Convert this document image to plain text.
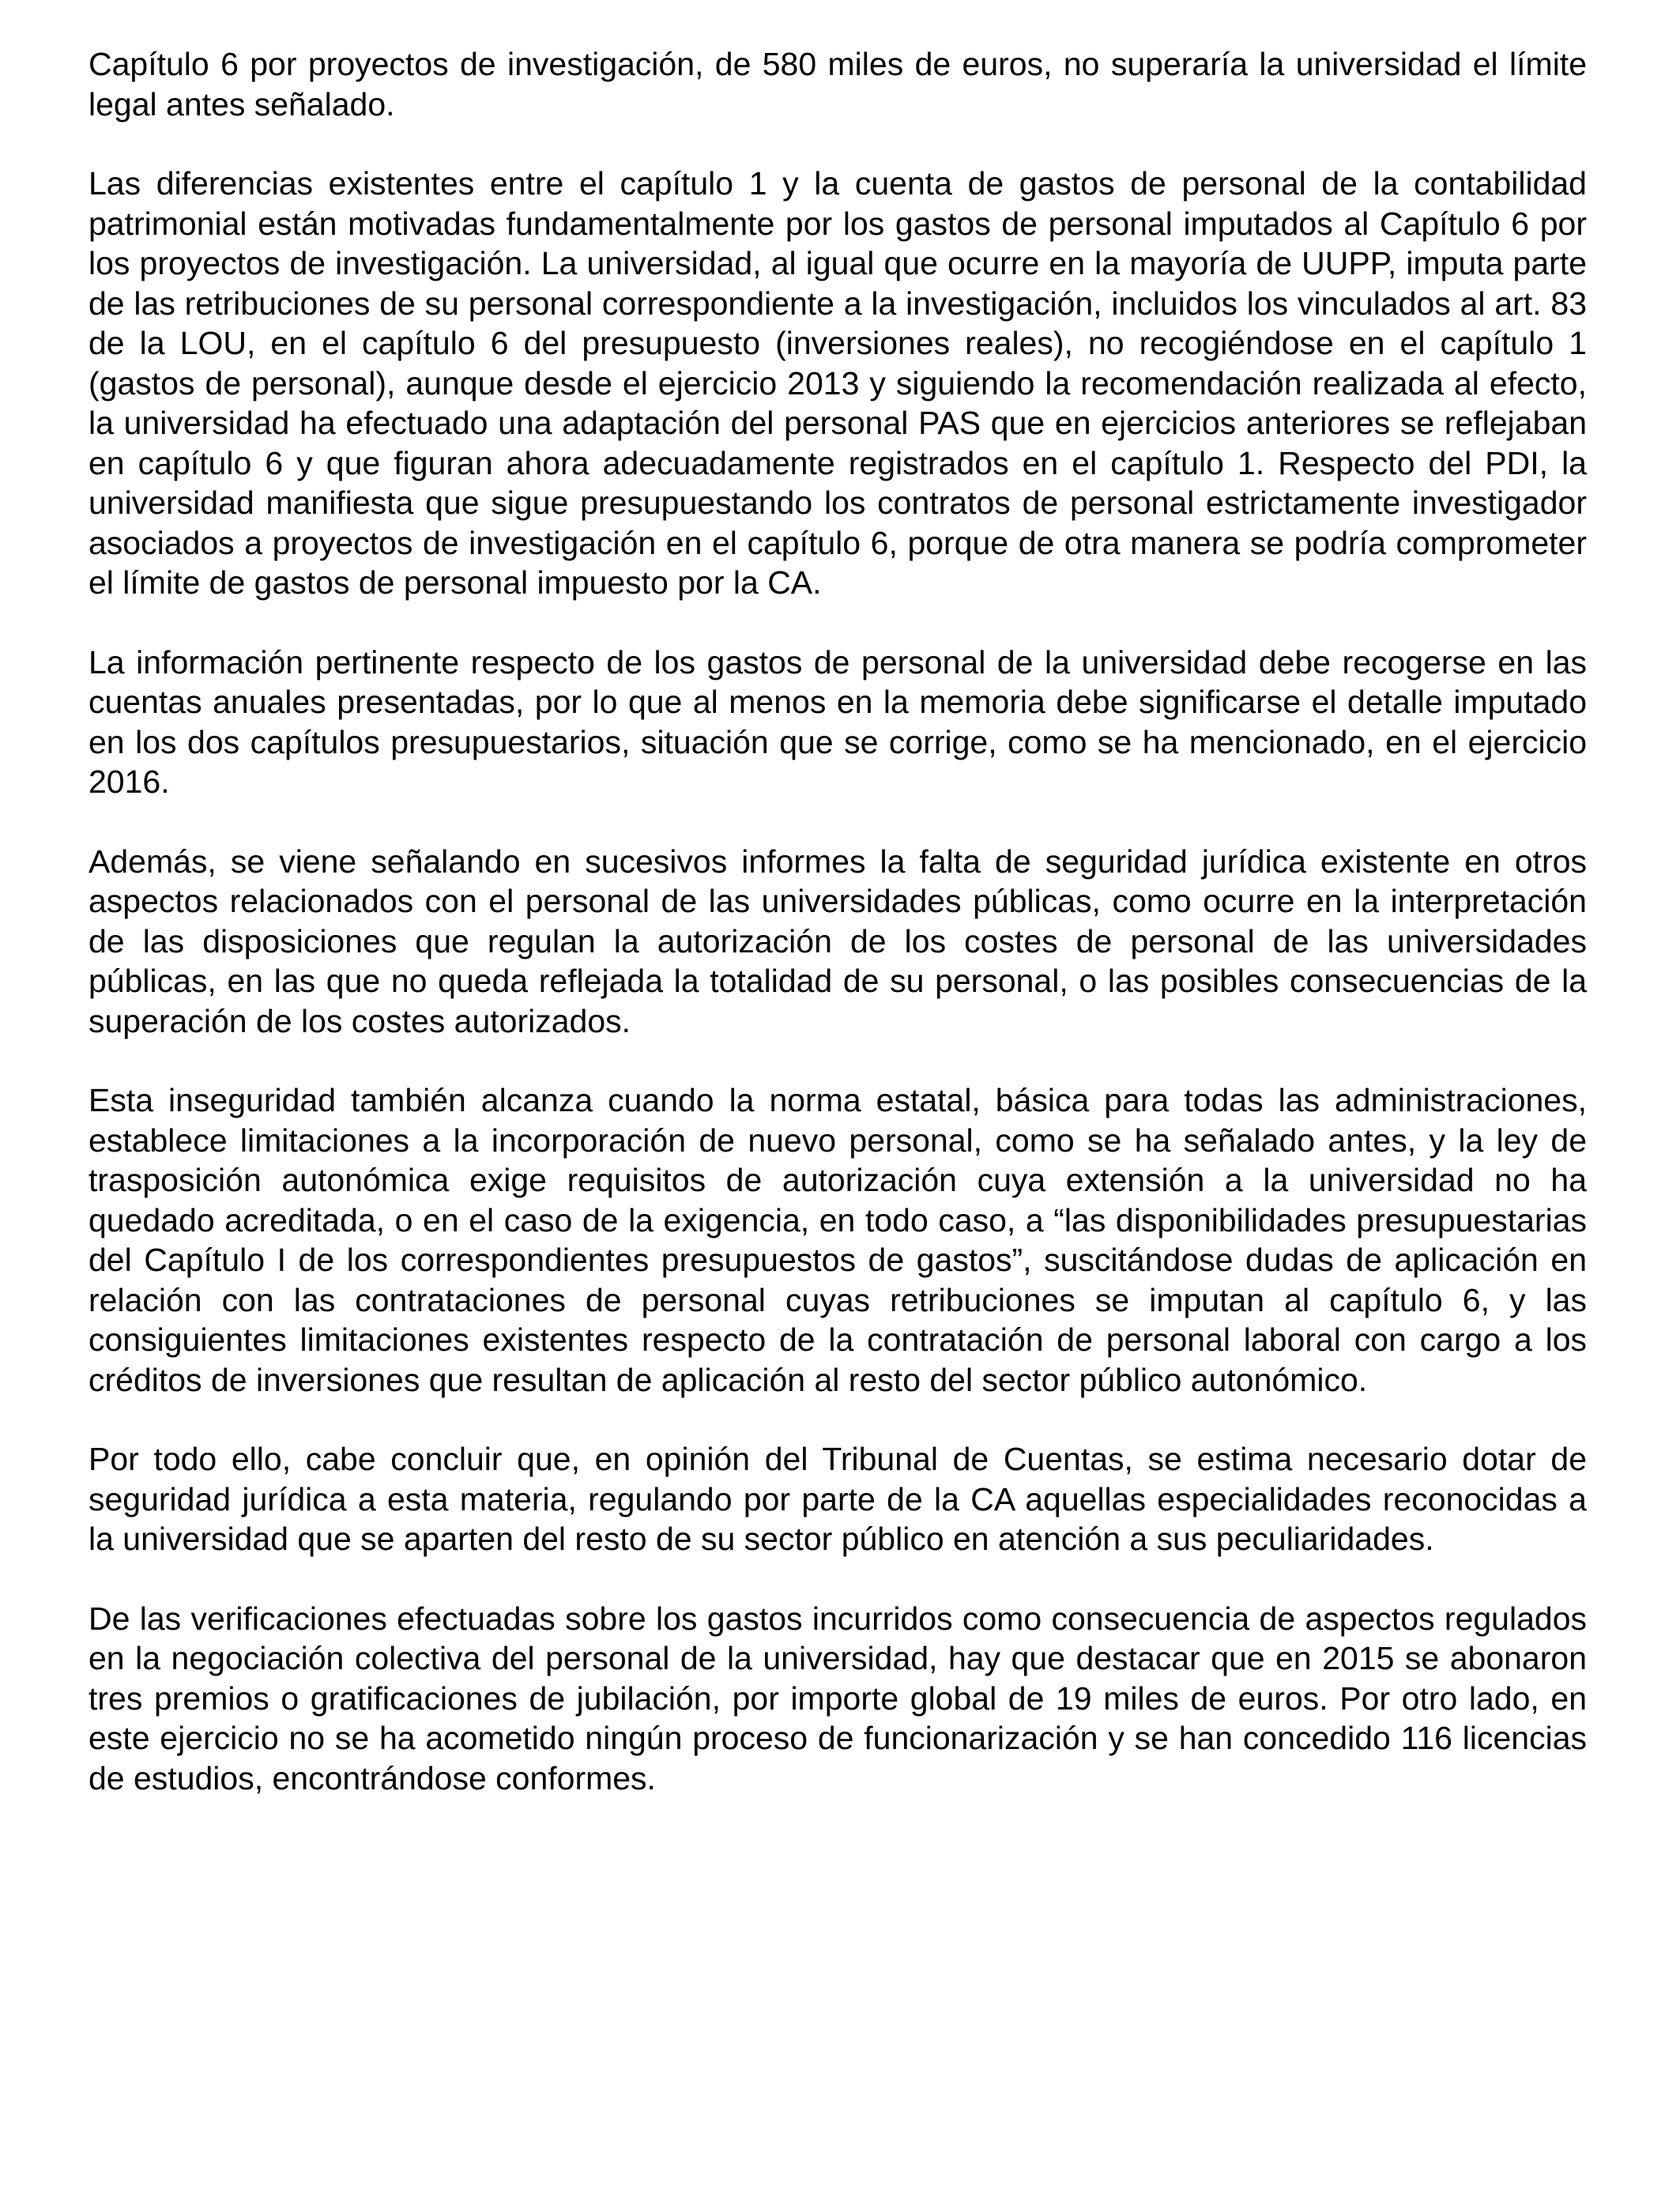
Capítulo 6 por proyectos de investigación, de 580 miles de euros, no superaría la universidad el límite legal antes señalado.

Las diferencias existentes entre el capítulo 1 y la cuenta de gastos de personal de la contabilidad patrimonial están motivadas fundamentalmente por los gastos de personal imputados al Capítulo 6 por los proyectos de investigación. La universidad, al igual que ocurre en la mayoría de UUPP, imputa parte de las retribuciones de su personal correspondiente a la investigación, incluidos los vinculados al art. 83 de la LOU, en el capítulo 6 del presupuesto (inversiones reales), no recogiéndose en el capítulo 1 (gastos de personal), aunque desde el ejercicio 2013 y siguiendo la recomendación realizada al efecto, la universidad ha efectuado una adaptación del personal PAS que en ejercicios anteriores se reflejaban en capítulo 6 y que figuran ahora adecuadamente registrados en el capítulo 1. Respecto del PDI, la universidad manifiesta que sigue presupuestando los contratos de personal estrictamente investigador asociados a proyectos de investigación en el capítulo 6, porque de otra manera se podría comprometer el límite de gastos de personal impuesto por la CA.

La información pertinente respecto de los gastos de personal de la universidad debe recogerse en las cuentas anuales presentadas, por lo que al menos en la memoria debe significarse el detalle imputado en los dos capítulos presupuestarios, situación que se corrige, como se ha mencionado, en el ejercicio 2016.

Además, se viene señalando en sucesivos informes la falta de seguridad jurídica existente en otros aspectos relacionados con el personal de las universidades públicas, como ocurre en la interpretación de las disposiciones que regulan la autorización de los costes de personal de las universidades públicas, en las que no queda reflejada la totalidad de su personal, o las posibles consecuencias de la superación de los costes autorizados.

Esta inseguridad también alcanza cuando la norma estatal, básica para todas las administraciones, establece limitaciones a la incorporación de nuevo personal, como se ha señalado antes, y la ley de trasposición autonómica exige requisitos de autorización cuya extensión a la universidad no ha quedado acreditada, o en el caso de la exigencia, en todo caso, a “las disponibilidades presupuestarias del Capítulo I de los correspondientes presupuestos de gastos”, suscitándose dudas de aplicación en relación con las contrataciones de personal cuyas retribuciones se imputan al capítulo 6, y las consiguientes limitaciones existentes respecto de la contratación de personal laboral con cargo a los créditos de inversiones que resultan de aplicación al resto del sector público autonómico.

Por todo ello, cabe concluir que, en opinión del Tribunal de Cuentas, se estima necesario dotar de seguridad jurídica a esta materia, regulando por parte de la CA aquellas especialidades reconocidas a la universidad que se aparten del resto de su sector público en atención a sus peculiaridades.

De las verificaciones efectuadas sobre los gastos incurridos como consecuencia de aspectos regulados en la negociación colectiva del personal de la universidad, hay que destacar que en 2015 se abonaron tres premios o gratificaciones de jubilación, por importe global de 19 miles de euros. Por otro lado, en este ejercicio no se ha acometido ningún proceso de funcionarización y se han concedido 116 licencias de estudios, encontrándose conformes.
